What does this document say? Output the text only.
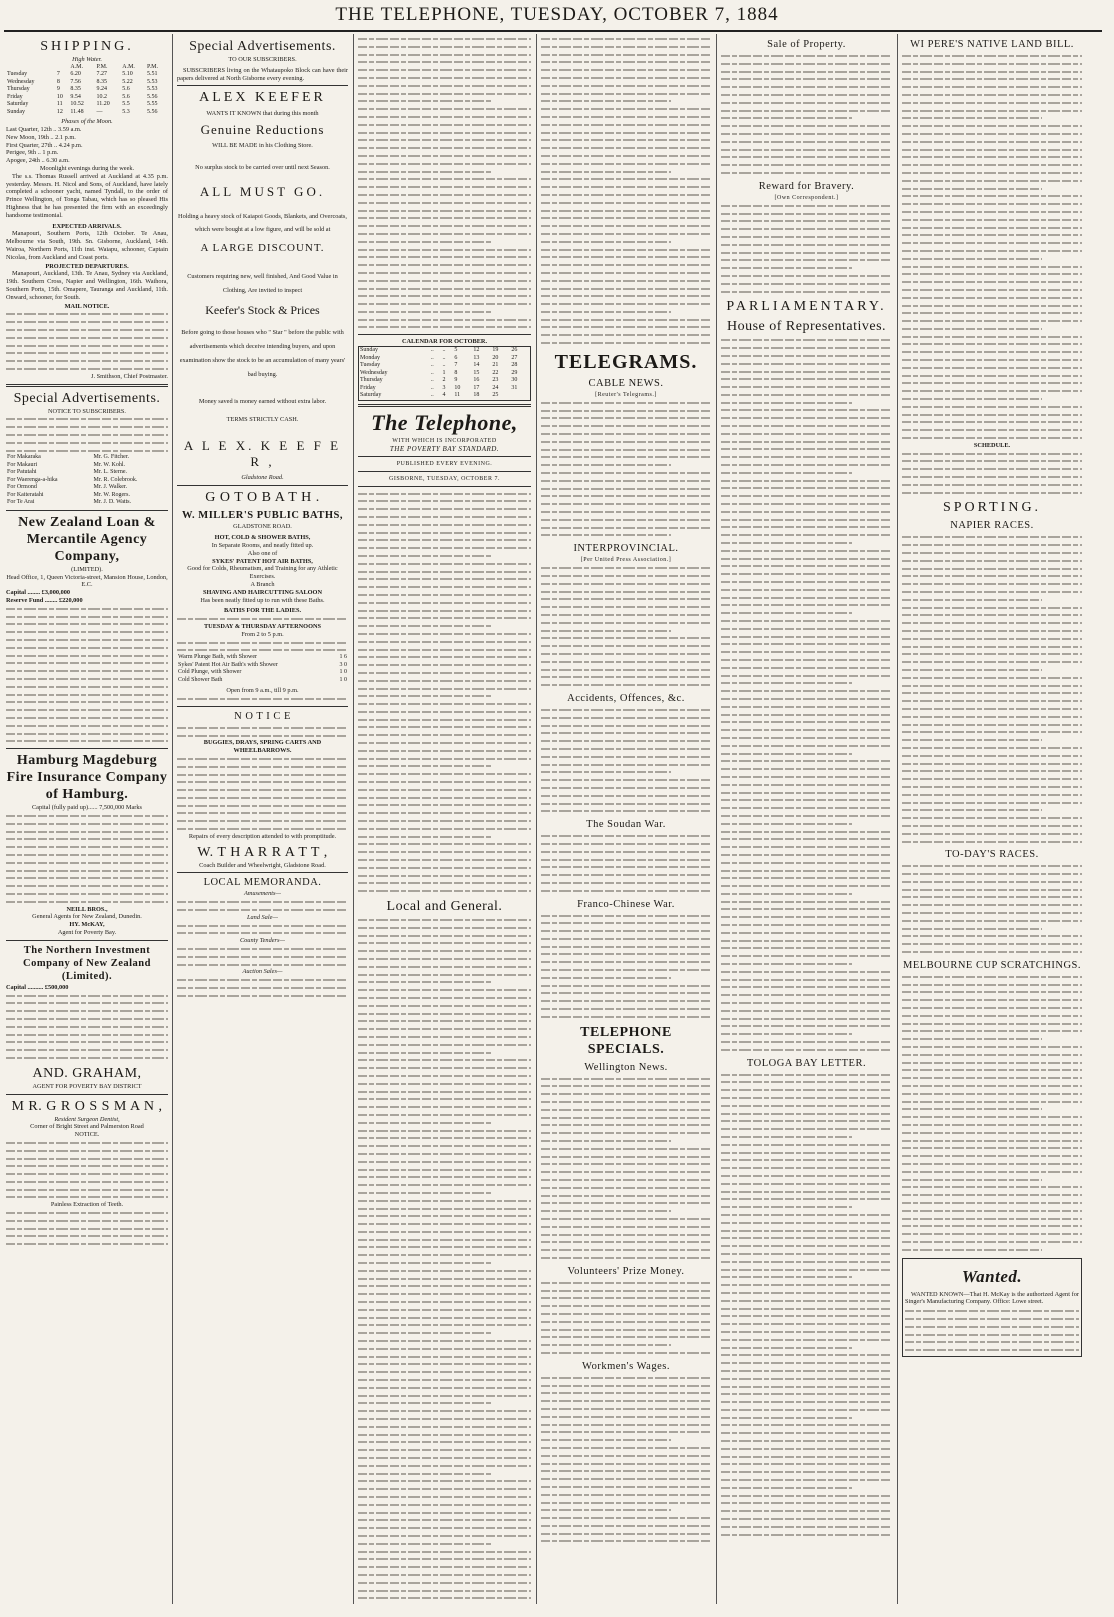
THE TELEPHONE, TUESDAY, OCTOBER 7, 1884
SHIPPING.
High Water.
		A.M.	P.M.	A.M.	P.M.
Tuesday	7	6.20	7.27	5.10	5.51
Wednesday	8	7.56	8.35	5.22	5.53
Thursday	9	8.35	9.24	5.6	5.53
Friday	10	9.54	10.2	5.6	5.56
Saturday	11	10.52	11.20	5.5	5.55
Sunday	12	11.48	—	5.3	5.56
Phases of the Moon.
Last Quarter, 12th .. 3.59 a.m.
New Moon, 19th .. 2.1 p.m.
First Quarter, 27th .. 4.24 p.m.
Perigee, 9th .. 1 p.m.
Apogee, 24th .. 6.30 a.m.
Moonlight evenings during the week.
The s.s. Thomas Russell arrived at Auckland at 4.35 p.m. yesterday. Messrs. H. Nicol and Sons, of Auckland, have lately completed a schooner yacht, named Tyndall, to the order of Prince Wellington, of Tonga Tabau, which has so pleased His Highness that he has presented the firm with an exceedingly handsome testimonial.
EXPECTED ARRIVALS.
Manapouri, Southern Ports, 12th October. Te Anau, Melbourne via South, 19th. Sn. Gisborne, Auckland, 14th. Wairoa, Northern Ports, 11th inst. Waiapu, schooner, Captain Nicolas, from Auckland and Coast ports.
PROJECTED DEPARTURES.
Manapouri, Auckland, 13th. Te Anau, Sydney via Auckland, 19th. Southern Cross, Napier and Wellington, 16th. Waihora, Southern Ports, 15th. Omapere, Tauranga and Auckland, 11th. Onward, schooner, for South.
MAIL NOTICE.
J. Smithson, Chief Postmaster.
Special Advertisements.
NOTICE TO SUBSCRIBERS.
For Makaraka	Mr. G. Fitcher.
For Makauri	Mr. W. Kohl.
For Patutahi	Mr. L. Sterne.
For Waerenga-a-hika	Mr. R. Colebrook.
For Ormond	Mr. J. Walker.
For Kaiteratahi	Mr. W. Rogers.
For Te Arai	Mr. J. D. Watts.
New Zealand Loan & Mercantile Agency Company,
(LIMITED).
Head Office, 1, Queen Victoria-street, Mansion House, London, E.C.
Capital ........ £3,000,000
Reserve Fund ........ £220,000
Hamburg Magdeburg Fire Insurance Company of Hamburg.
Capital (fully paid up)...... 7,500,000 Marks
NEILL BROS.,
General Agents for New Zealand, Dunedin.
HY. McKAY,
Agent for Poverty Bay.
The Northern Investment Company of New Zealand (Limited).
Capital .......... £500,000
AND. GRAHAM,
AGENT FOR POVERTY BAY DISTRICT
M R. G R O S S M A N ,
Resident Surgeon Dentist,
Corner of Bright Street and Palmerston Road
NOTICE.
Painless Extraction of Teeth.
Special Advertisements.
TO OUR SUBSCRIBERS.
SUBSCRIBERS living on the Whataupoko Block can have their papers delivered at North Gisborne every evening.
ALEX KEEFER
WANTS IT KNOWN that during this month
Genuine Reductions
WILL BE MADE in his Clothing Store.
No surplus stock to be carried over until next Season.
ALL MUST GO.
Holding a heavy stock of Kaiapoi Goods, Blankets, and Overcoats, which were bought at a low figure, and will be sold at
A LARGE DISCOUNT.
Customers requiring new, well finished, And Good Value in Clothing, Are invited to inspect
Keefer's Stock & Prices
Before going to those houses who " Star " before the public with advertisements which deceive intending buyers, and upon examination show the stock to be an accumulation of many years' bad buying.
Money saved is money earned without extra labor.
TERMS STRICTLY CASH.
A L E X. K E E F E R ,
Gladstone Road.
G O T O B A T H .
W. MILLER'S PUBLIC BATHS,
GLADSTONE ROAD.
HOT, COLD & SHOWER BATHS,
In Separate Rooms, and neatly fitted up.
Also one of
SYKES' PATENT HOT AIR BATHS,
Good for Colds, Rheumatism, and Training for any Athletic Exercises.
A Branch
SHAVING AND HAIRCUTTING SALOON
Has been neatly fitted up to run with these Baths.
BATHS FOR THE LADIES.
TUESDAY & THURSDAY AFTERNOONS
From 2 to 5 p.m.
Warm Plunge Bath, with Shower	1 6
Sykes' Patent Hot Air Bath's with Shower	3 0
Cold Plunge, with Shower	1 0
Cold Shower Bath	1 0
Open from 9 a.m., till 9 p.m.
N O T I C E
BUGGIES, DRAYS, SPRING CARTS AND WHEELBARROWS.
Repairs of every description attended to with promptitude.
W. T H A R R A T T ,
Coach Builder and Wheelwright, Gladstone Road.
LOCAL MEMORANDA.
Amusements—
Land Sale—
County Tenders—
Auction Sales—
CALENDAR FOR OCTOBER.
Sunday	..	..	5	12	19	26
Monday	..	..	6	13	20	27
Tuesday	..	..	7	14	21	28
Wednesday	..	1	8	15	22	29
Thursday	..	2	9	16	23	30
Friday	..	3	10	17	24	31
Saturday	..	4	11	18	25	
The Telephone,
WITH WHICH IS INCORPORATED
THE POVERTY BAY STANDARD.
PUBLISHED EVERY EVENING.
GISBORNE, TUESDAY, OCTOBER 7.
Local and General.
TELEGRAMS.
CABLE NEWS.
[Reuter's Telegrams.]
INTERPROVINCIAL.
[Per United Press Association.]
Accidents, Offences, &c.
The Soudan War.
Franco-Chinese War.
TELEPHONE SPECIALS.
Wellington News.
Volunteers' Prize Money.
Workmen's Wages.
Sale of Property.
Reward for Bravery.
[Own Correspondent.]
PARLIAMENTARY.
House of Representatives.
TOLOGA BAY LETTER.
WI PERE'S NATIVE LAND BILL.
SCHEDULE.
SPORTING.
NAPIER RACES.
TO-DAY'S RACES.
MELBOURNE CUP SCRATCHINGS.
Wanted.
WANTED KNOWN—That H. McKay is the authorized Agent for Singer's Manufacturing Company. Office: Lowe street.
